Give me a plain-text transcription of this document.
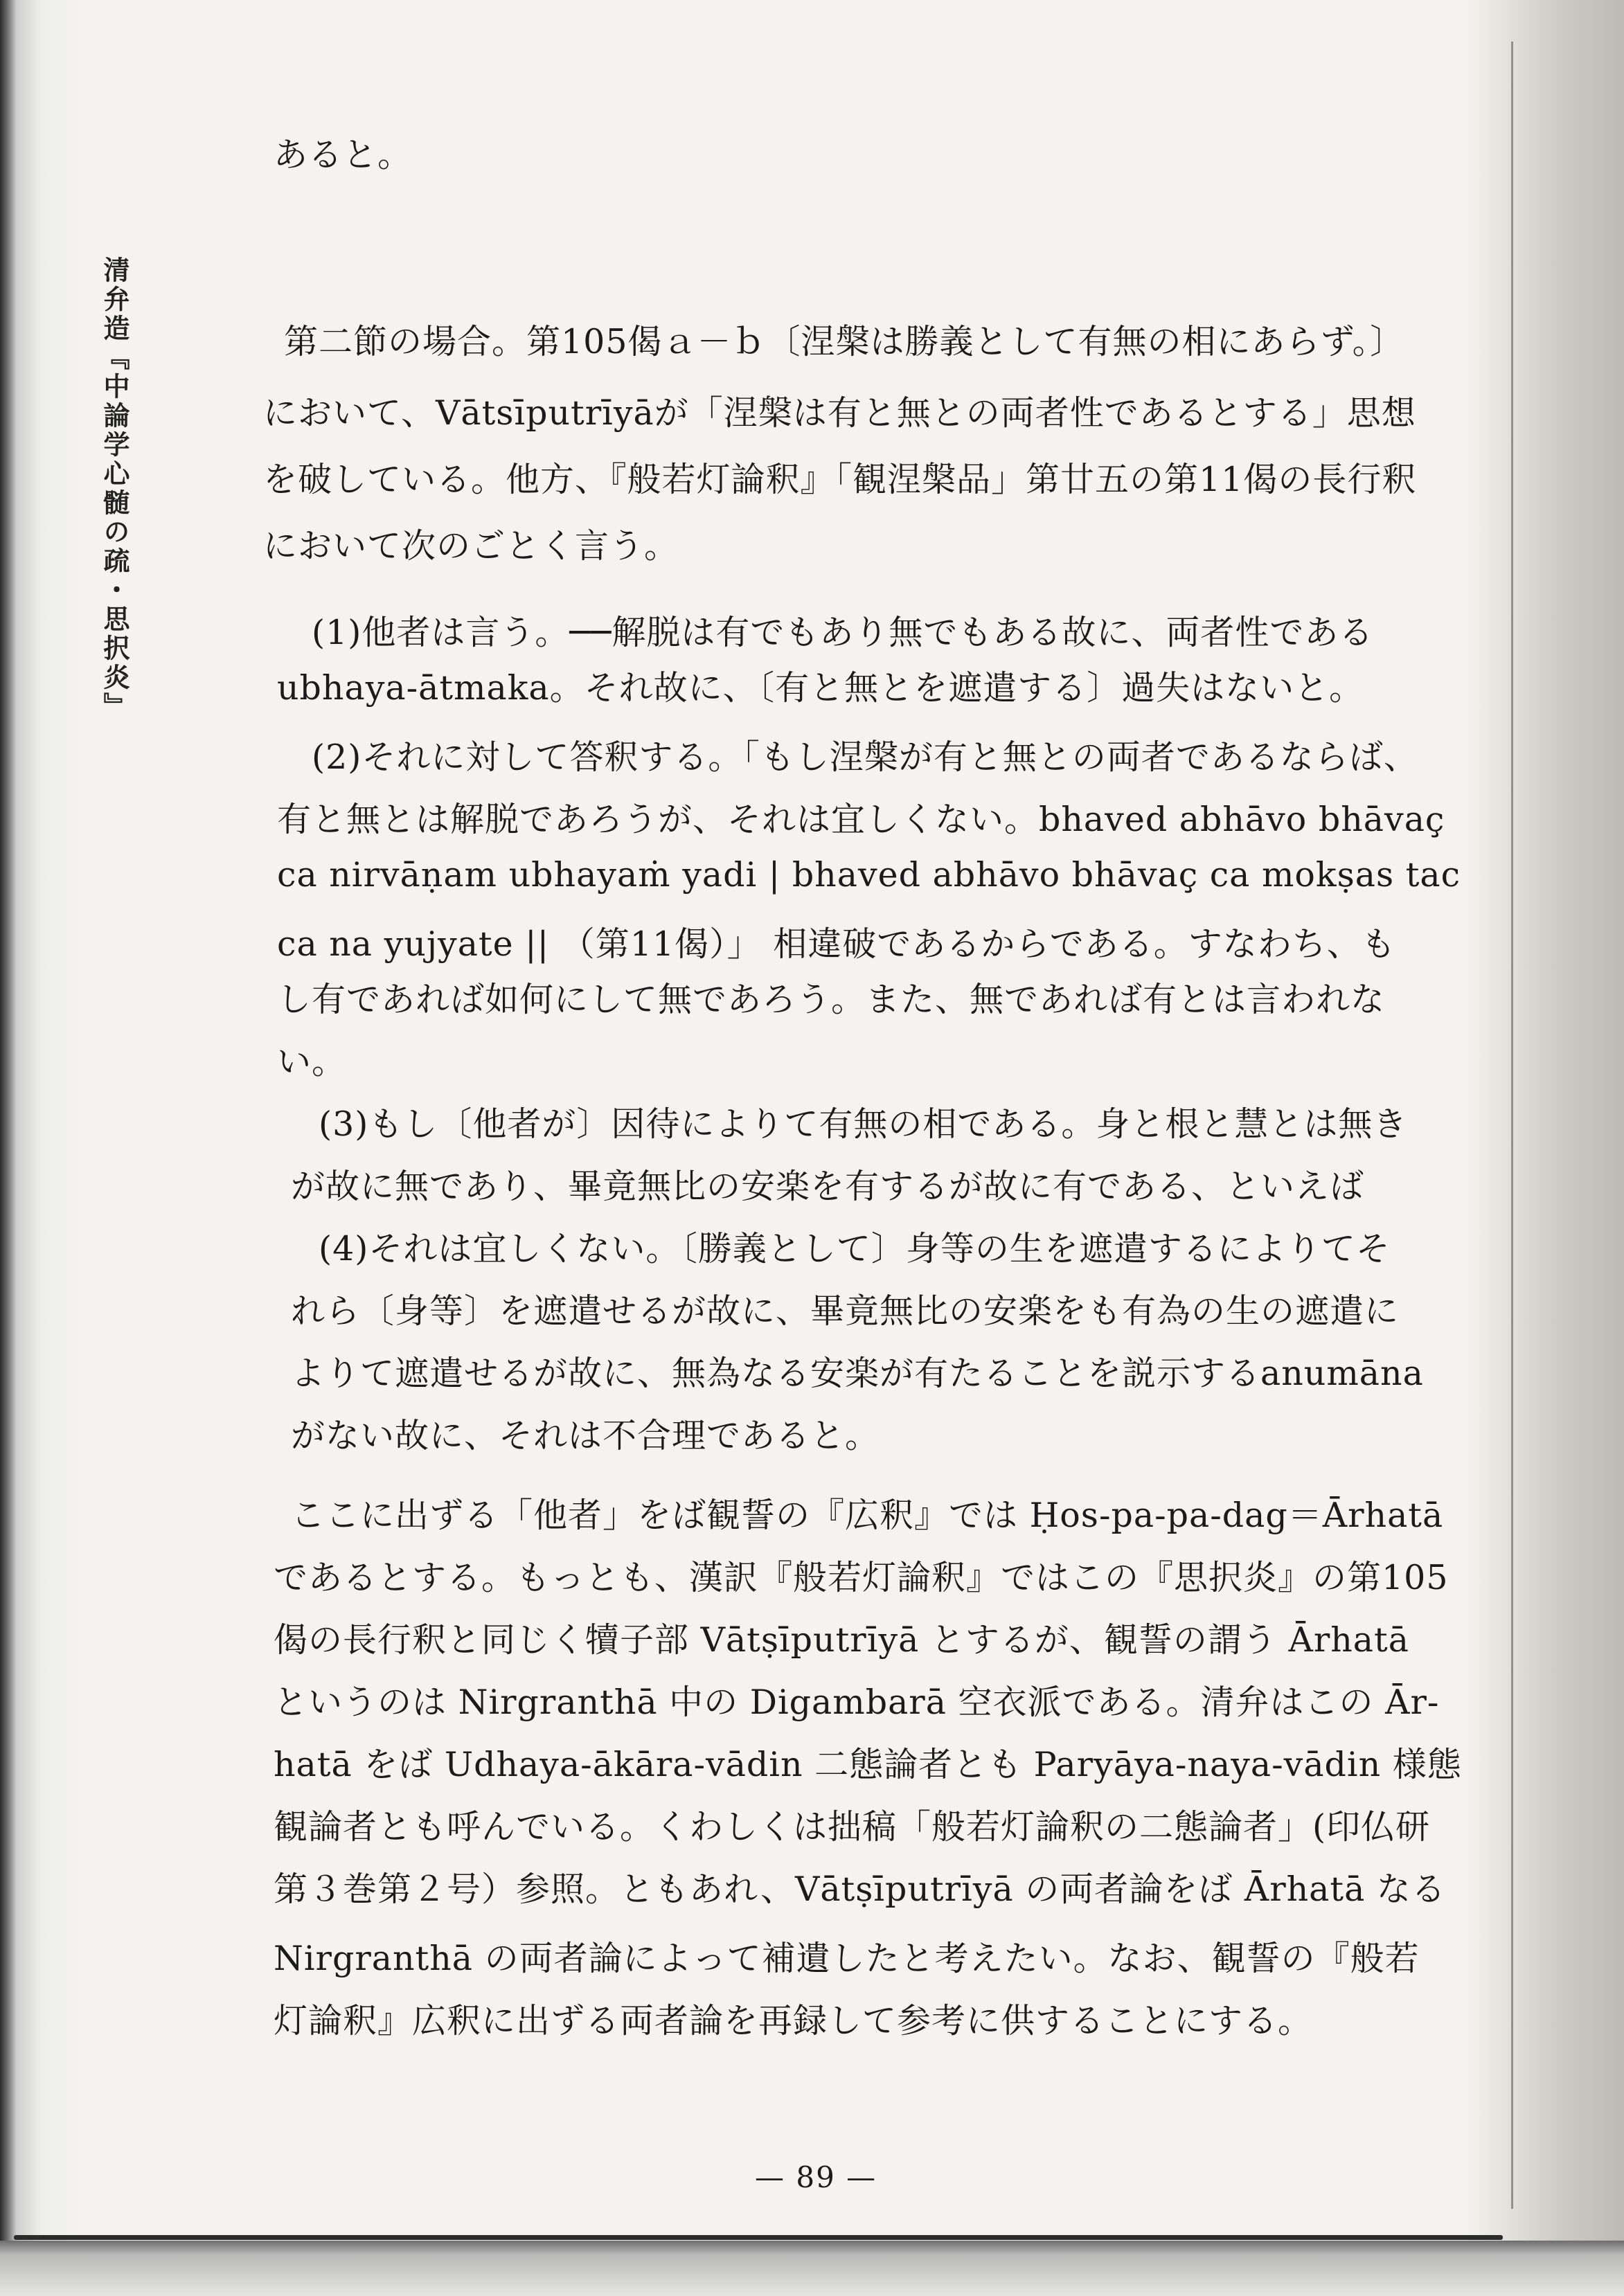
清弁造『中論学心髄の疏・思択炎』
あると。
第二節の場合。第105偈ａ－ｂ〔涅槃は勝義として有無の相にあらず。〕
において、Vātsīputrīyāが「涅槃は有と無との両者性であるとする」思想
を破している。他方、『般若灯論釈』「観涅槃品」第廿五の第11偈の長行釈
において次のごとく言う。
(1)他者は言う。──解脱は有でもあり無でもある故に、両者性である
ubhaya-ātmaka。それ故に、〔有と無とを遮遣する〕過失はないと。
(2)それに対して答釈する。「もし涅槃が有と無との両者であるならば、
有と無とは解脱であろうが、それは宜しくない。bhaved abhāvo bhāvaç
ca nirvāṇam ubhayaṁ yadi | bhaved abhāvo bhāvaç ca mokṣas tac
ca na yujyate || （第11偈）」 相違破であるからである。すなわち、も
し有であれば如何にして無であろう。また、無であれば有とは言われな
い。
(3)もし〔他者が〕因待によりて有無の相である。身と根と慧とは無き
が故に無であり、畢竟無比の安楽を有するが故に有である、といえば
(4)それは宜しくない。〔勝義として〕身等の生を遮遣するによりてそ
れら〔身等〕を遮遣せるが故に、畢竟無比の安楽をも有為の生の遮遣に
よりて遮遣せるが故に、無為なる安楽が有たることを説示するanumāna
がない故に、それは不合理であると。
ここに出ずる「他者」をば観誓の『広釈』では Ḥos-pa-pa-dag＝Ārhatā
であるとする。もっとも、漢訳『般若灯論釈』ではこの『思択炎』の第105
偈の長行釈と同じく犢子部 Vātṣīputrīyā とするが、観誓の謂う Ārhatā
というのは Nirgranthā 中の Digambarā 空衣派である。清弁はこの Ār-
hatā をば Udhaya-ākāra-vādin 二態論者とも Paryāya-naya-vādin 様態
観論者とも呼んでいる。くわしくは拙稿「般若灯論釈の二態論者」(印仏研
第３巻第２号）参照。ともあれ、Vātṣīputrīyā の両者論をば Ārhatā なる
Nirgranthā の両者論によって補遺したと考えたい。なお、観誓の『般若
灯論釈』広釈に出ずる両者論を再録して参考に供することにする。
— 89 —
